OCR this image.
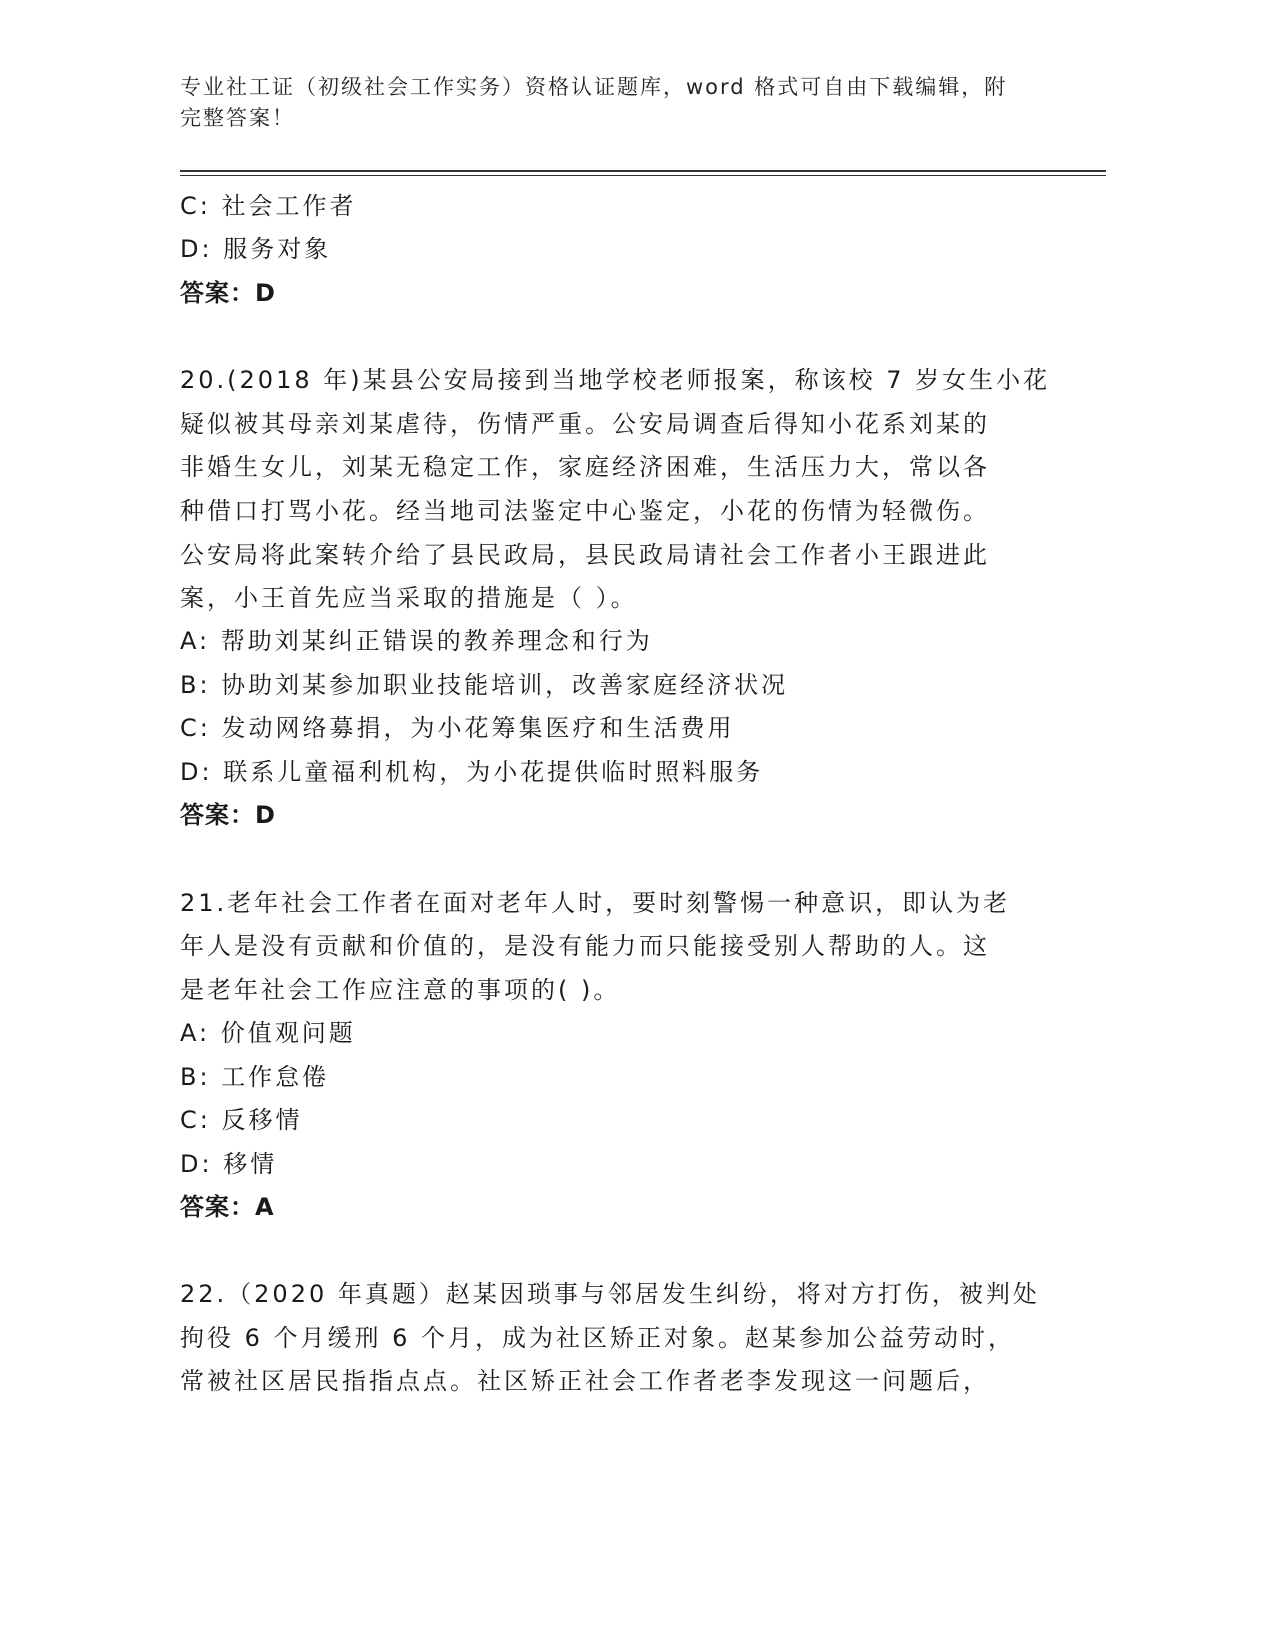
专业社工证（初级社会工作实务）资格认证题库，word 格式可自由下载编辑，附
完整答案！
C: 社会工作者
D: 服务对象
答案：D
20.(2018 年)某县公安局接到当地学校老师报案，称该校 7 岁女生小花
疑似被其母亲刘某虐待，伤情严重。公安局调查后得知小花系刘某的
非婚生女儿，刘某无稳定工作，家庭经济困难，生活压力大，常以各
种借口打骂小花。经当地司法鉴定中心鉴定，小花的伤情为轻微伤。
公安局将此案转介给了县民政局，县民政局请社会工作者小王跟进此
案，小王首先应当采取的措施是（ ）。
A: 帮助刘某纠正错误的教养理念和行为
B: 协助刘某参加职业技能培训，改善家庭经济状况
C: 发动网络募捐，为小花筹集医疗和生活费用
D: 联系儿童福利机构，为小花提供临时照料服务
答案：D
21.老年社会工作者在面对老年人时，要时刻警惕一种意识，即认为老
年人是没有贡献和价值的，是没有能力而只能接受别人帮助的人。这
是老年社会工作应注意的事项的( )。
A: 价值观问题
B: 工作怠倦
C: 反移情
D: 移情
答案：A
22.（2020 年真题）赵某因琐事与邻居发生纠纷，将对方打伤，被判处
拘役 6 个月缓刑 6 个月，成为社区矫正对象。赵某参加公益劳动时，
常被社区居民指指点点。社区矫正社会工作者老李发现这一问题后，
